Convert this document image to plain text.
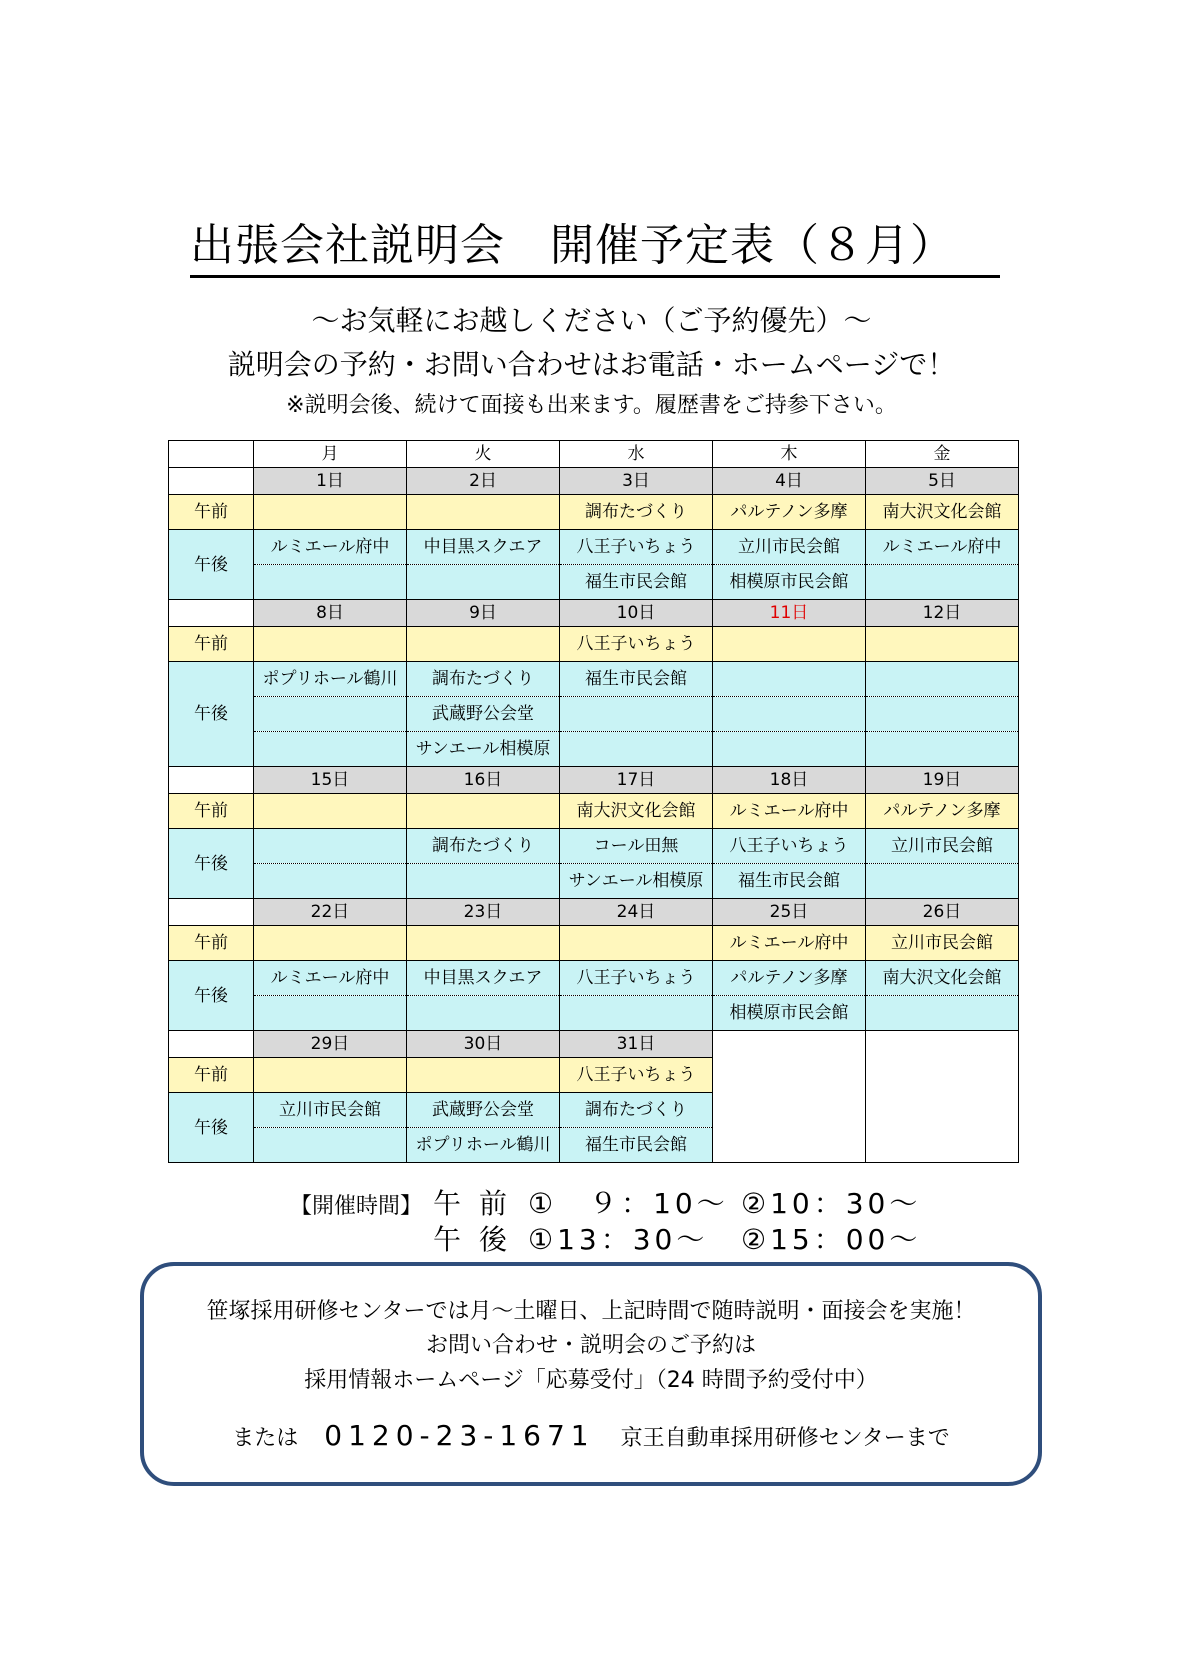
出張会社説明会　開催予定表（８月）
～お気軽にお越しください（ご予約優先）～
説明会の予約・お問い合わせはお電話・ホームページで！
※説明会後、続けて面接も出来ます。履歴書をご持参下さい。
	月	火	水	木	金
	1日	2日	3日	4日	5日
午前			調布たづくり	パルテノン多摩	南大沢文化会館
午後	ルミエール府中	中目黒スクエア	八王子いちょう	立川市民会館	ルミエール府中
			福生市民会館	相模原市民会館	
	8日	9日	10日	11日	12日
午前			八王子いちょう		
午後	ポプリホール鶴川	調布たづくり	福生市民会館		
		武蔵野公会堂			
		サンエール相模原			
	15日	16日	17日	18日	19日
午前			南大沢文化会館	ルミエール府中	パルテノン多摩
午後		調布たづくり	コール田無	八王子いちょう	立川市民会館
			サンエール相模原	福生市民会館	
	22日	23日	24日	25日	26日
午前				ルミエール府中	立川市民会館
午後	ルミエール府中	中目黒スクエア	八王子いちょう	パルテノン多摩	南大沢文化会館
				相模原市民会館	
	29日	30日	31日		
午前			八王子いちょう		
午後	立川市民会館	武蔵野公会堂	調布たづくり		
		ポプリホール鶴川	福生市民会館		
【開催時間】 午前 ①　９：10～ ②10：30～
午後 ①13：30～ ②15：00～
笹塚採用研修センターでは月～土曜日、上記時間で随時説明・面接会を実施！
お問い合わせ・説明会のご予約は
採用情報ホームページ「応募受付」（24 時間予約受付中）
または 0120-23-1671 京王自動車採用研修センターまで
